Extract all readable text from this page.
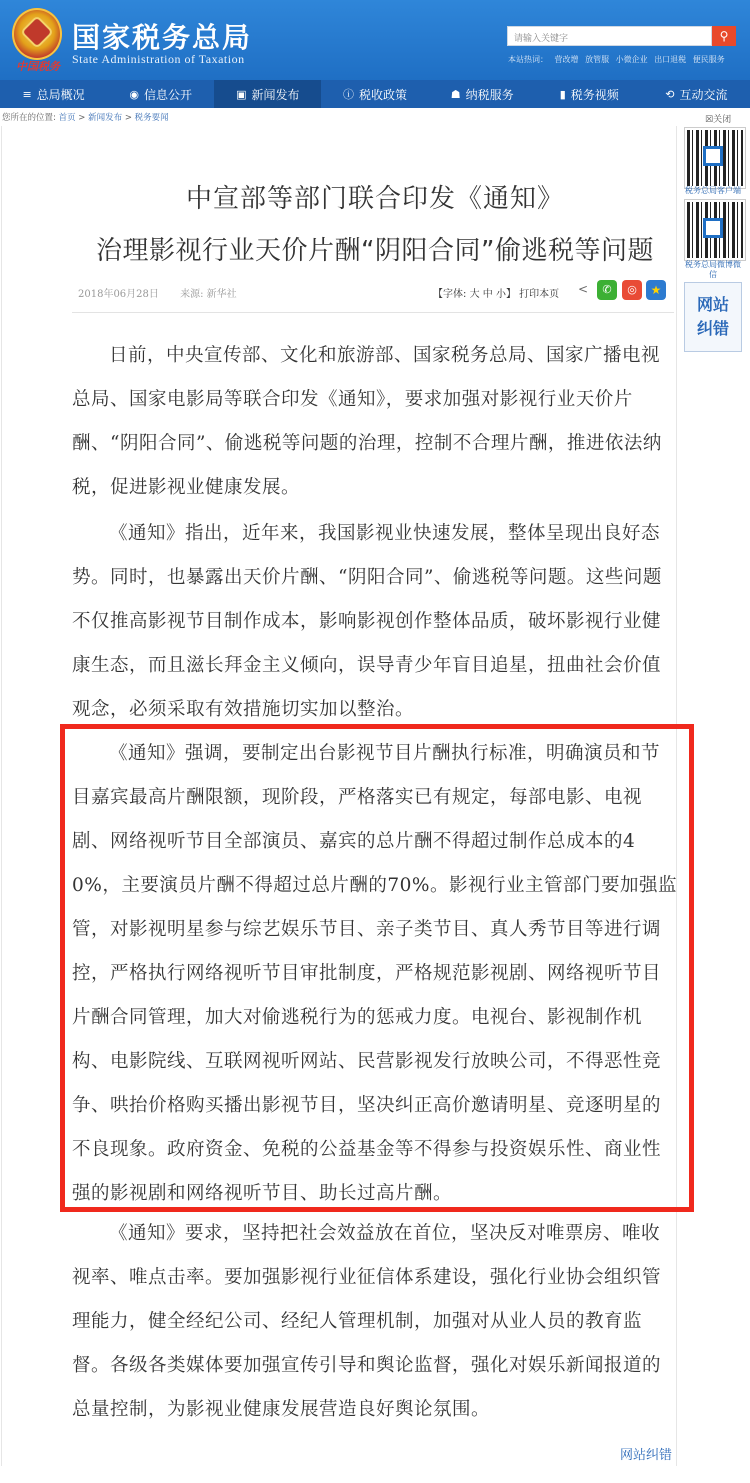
中国税务
国家税务总局
State Administration of Taxation
请输入关键字	⚲
本站热词： 营改增 放管服 小微企业 出口退税 便民服务
≡ 总局概况	◉ 信息公开	▣ 新闻发布	ⓘ 税收政策	☗ 纳税服务	▮ 税务视频	⟲ 互动交流
您所在的位置: 首页 > 新闻发布 > 税务要闻	☒关闭
税务总局客户端
税务总局微博微信
网站
纠错
中宣部等部门联合印发《通知》
治理影视行业天价片酬“阴阳合同”偷逃税等问题
2018年06月28日 来源: 新华社	【字体: 大 中 小】 打印本页 <	✆	◎	★
日前，中央宣传部、文化和旅游部、国家税务总局、国家广播电视总局、国家电影局等联合印发《通知》，要求加强对影视行业天价片酬、“阴阳合同”、偷逃税等问题的治理，控制不合理片酬，推进依法纳税，促进影视业健康发展。
《通知》指出，近年来，我国影视业快速发展，整体呈现出良好态势。同时，也暴露出天价片酬、“阴阳合同”、偷逃税等问题。这些问题不仅推高影视节目制作成本，影响影视创作整体品质，破坏影视行业健康生态，而且滋长拜金主义倾向，误导青少年盲目追星，扭曲社会价值观念，必须采取有效措施切实加以整治。
《通知》强调，要制定出台影视节目片酬执行标准，明确演员和节目嘉宾最高片酬限额，现阶段，严格落实已有规定，每部电影、电视剧、网络视听节目全部演员、嘉宾的总片酬不得超过制作总成本的40%，主要演员片酬不得超过总片酬的70%。影视行业主管部门要加强监管，对影视明星参与综艺娱乐节目、亲子类节目、真人秀节目等进行调控，严格执行网络视听节目审批制度，严格规范影视剧、网络视听节目片酬合同管理，加大对偷逃税行为的惩戒力度。电视台、影视制作机构、电影院线、互联网视听网站、民营影视发行放映公司，不得恶性竞争、哄抬价格购买播出影视节目，坚决纠正高价邀请明星、竞逐明星的不良现象。政府资金、免税的公益基金等不得参与投资娱乐性、商业性强的影视剧和网络视听节目、助长过高片酬。
《通知》要求，坚持把社会效益放在首位，坚决反对唯票房、唯收视率、唯点击率。要加强影视行业征信体系建设，强化行业协会组织管理能力，健全经纪公司、经纪人管理机制，加强对从业人员的教育监督。各级各类媒体要加强宣传引导和舆论监督，强化对娱乐新闻报道的总量控制，为影视业健康发展营造良好舆论氛围。
网站纠错
